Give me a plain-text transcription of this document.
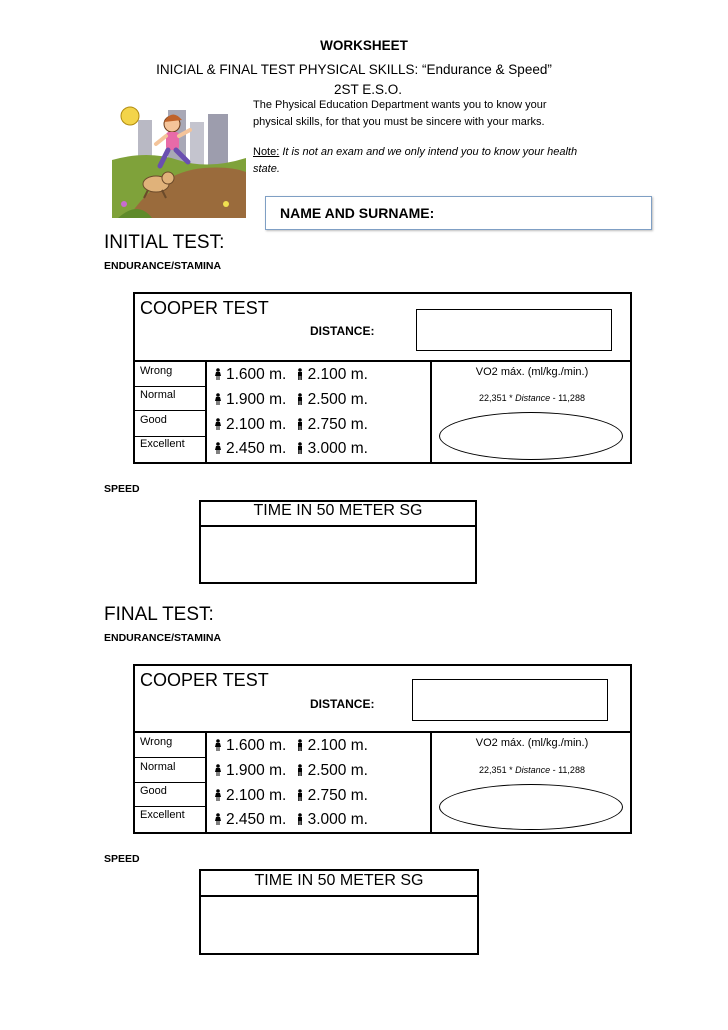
WORKSHEET
INICIAL & FINAL TEST PHYSICAL SKILLS: “Endurance & Speed”
2ST E.S.O.
The Physical Education Department wants you to know your
physical skills, for that you must be sincere with your marks.
Note: It is not an exam and we only intend you to know your health
state.
NAME AND SURNAME:
INITIAL TEST:
ENDURANCE/STAMINA
COOPER TEST
DISTANCE:
Wrong
Normal
Good
Excellent
1.600 m. 2.100 m.
1.900 m. 2.500 m.
2.100 m. 2.750 m.
2.450 m. 3.000 m.
VO2 máx. (ml/kg./min.)
22,351 * Distance - 11,288
SPEED
TIME IN 50 METER SG
FINAL TEST:
ENDURANCE/STAMINA
COOPER TEST
DISTANCE:
Wrong
Normal
Good
Excellent
1.600 m. 2.100 m.
1.900 m. 2.500 m.
2.100 m. 2.750 m.
2.450 m. 3.000 m.
VO2 máx. (ml/kg./min.)
22,351 * Distance - 11,288
SPEED
TIME IN 50 METER SG
